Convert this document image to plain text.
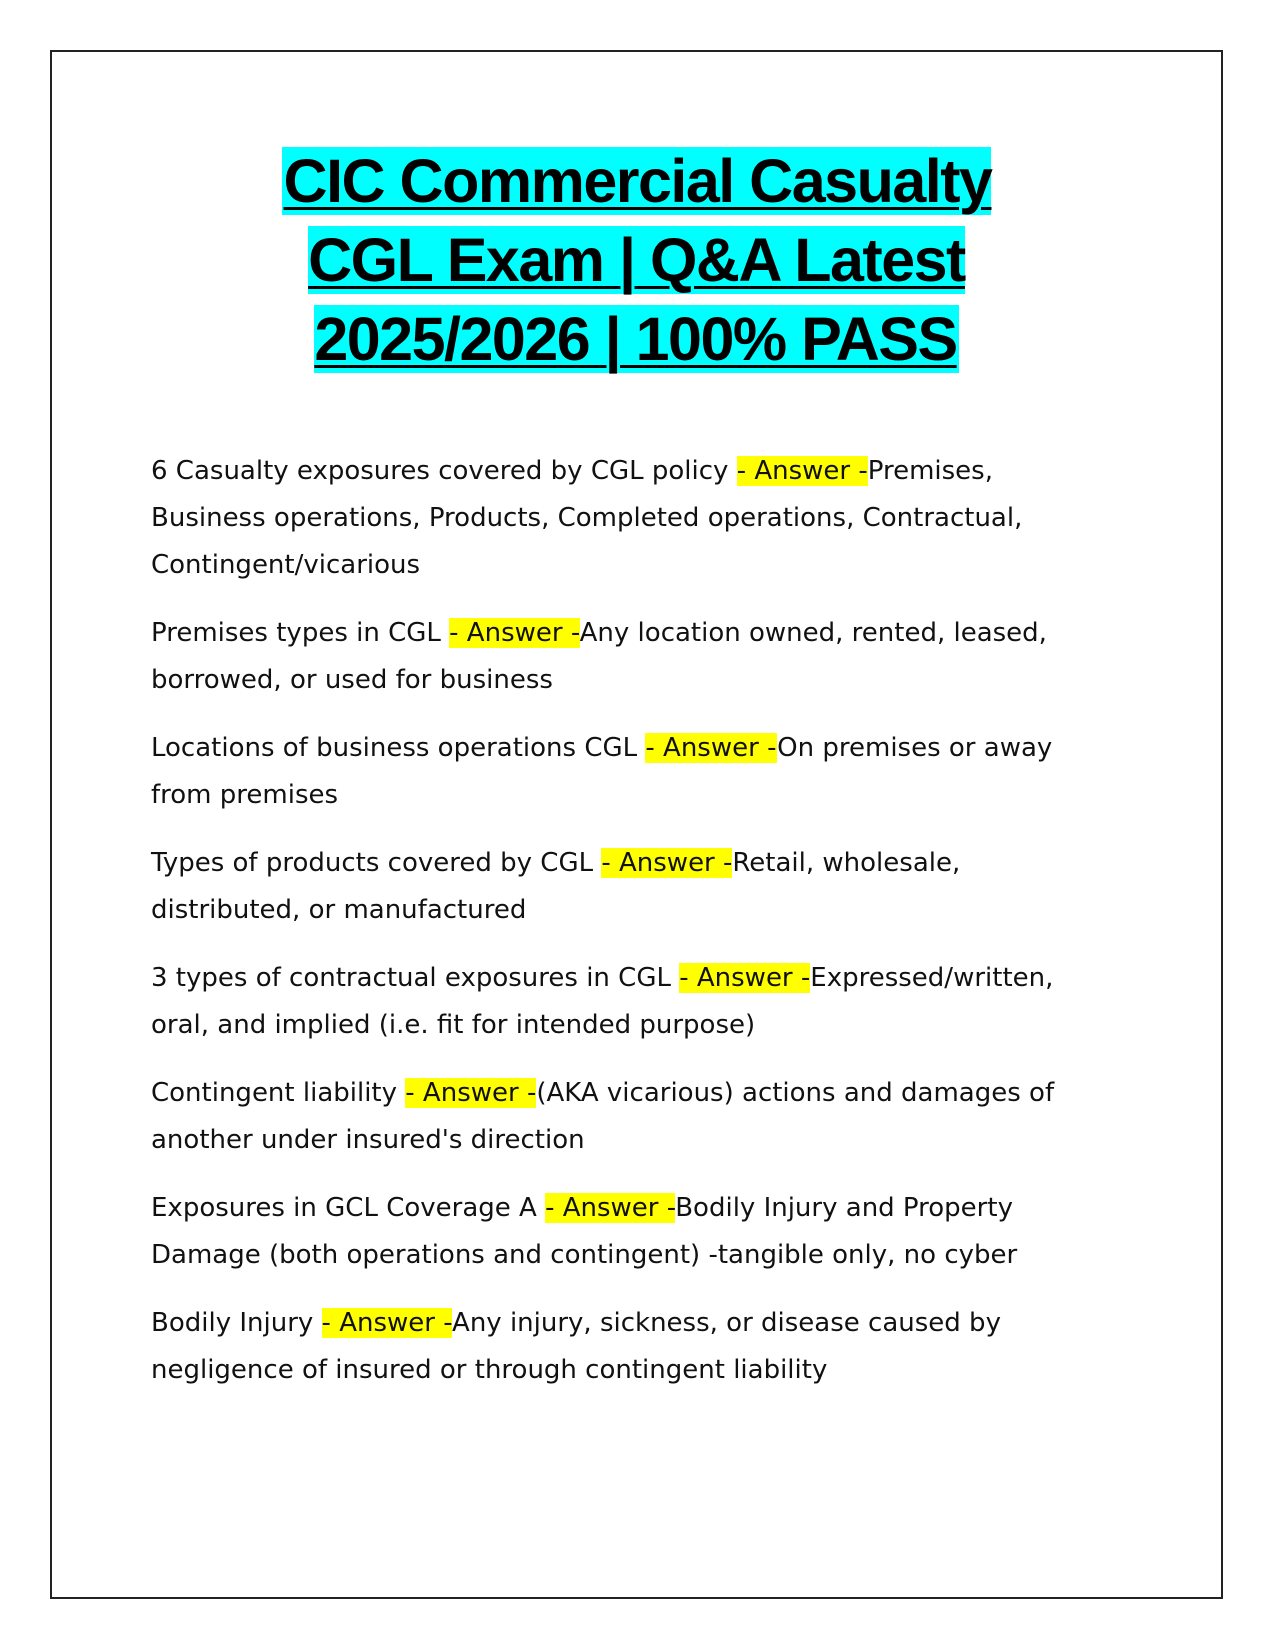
CIC Commercial Casualty CGL Exam | Q&A Latest 2025/2026 | 100% PASS

6 Casualty exposures covered by CGL policy - Answer -Premises, Business operations, Products, Completed operations, Contractual, Contingent/vicarious

Premises types in CGL - Answer -Any location owned, rented, leased, borrowed, or used for business

Locations of business operations CGL - Answer -On premises or away from premises

Types of products covered by CGL - Answer -Retail, wholesale, distributed, or manufactured

3 types of contractual exposures in CGL - Answer -Expressed/written, oral, and implied (i.e. fit for intended purpose)

Contingent liability - Answer -(AKA vicarious) actions and damages of another under insured's direction

Exposures in GCL Coverage A - Answer -Bodily Injury and Property Damage (both operations and contingent) -tangible only, no cyber

Bodily Injury - Answer -Any injury, sickness, or disease caused by negligence of insured or through contingent liability
